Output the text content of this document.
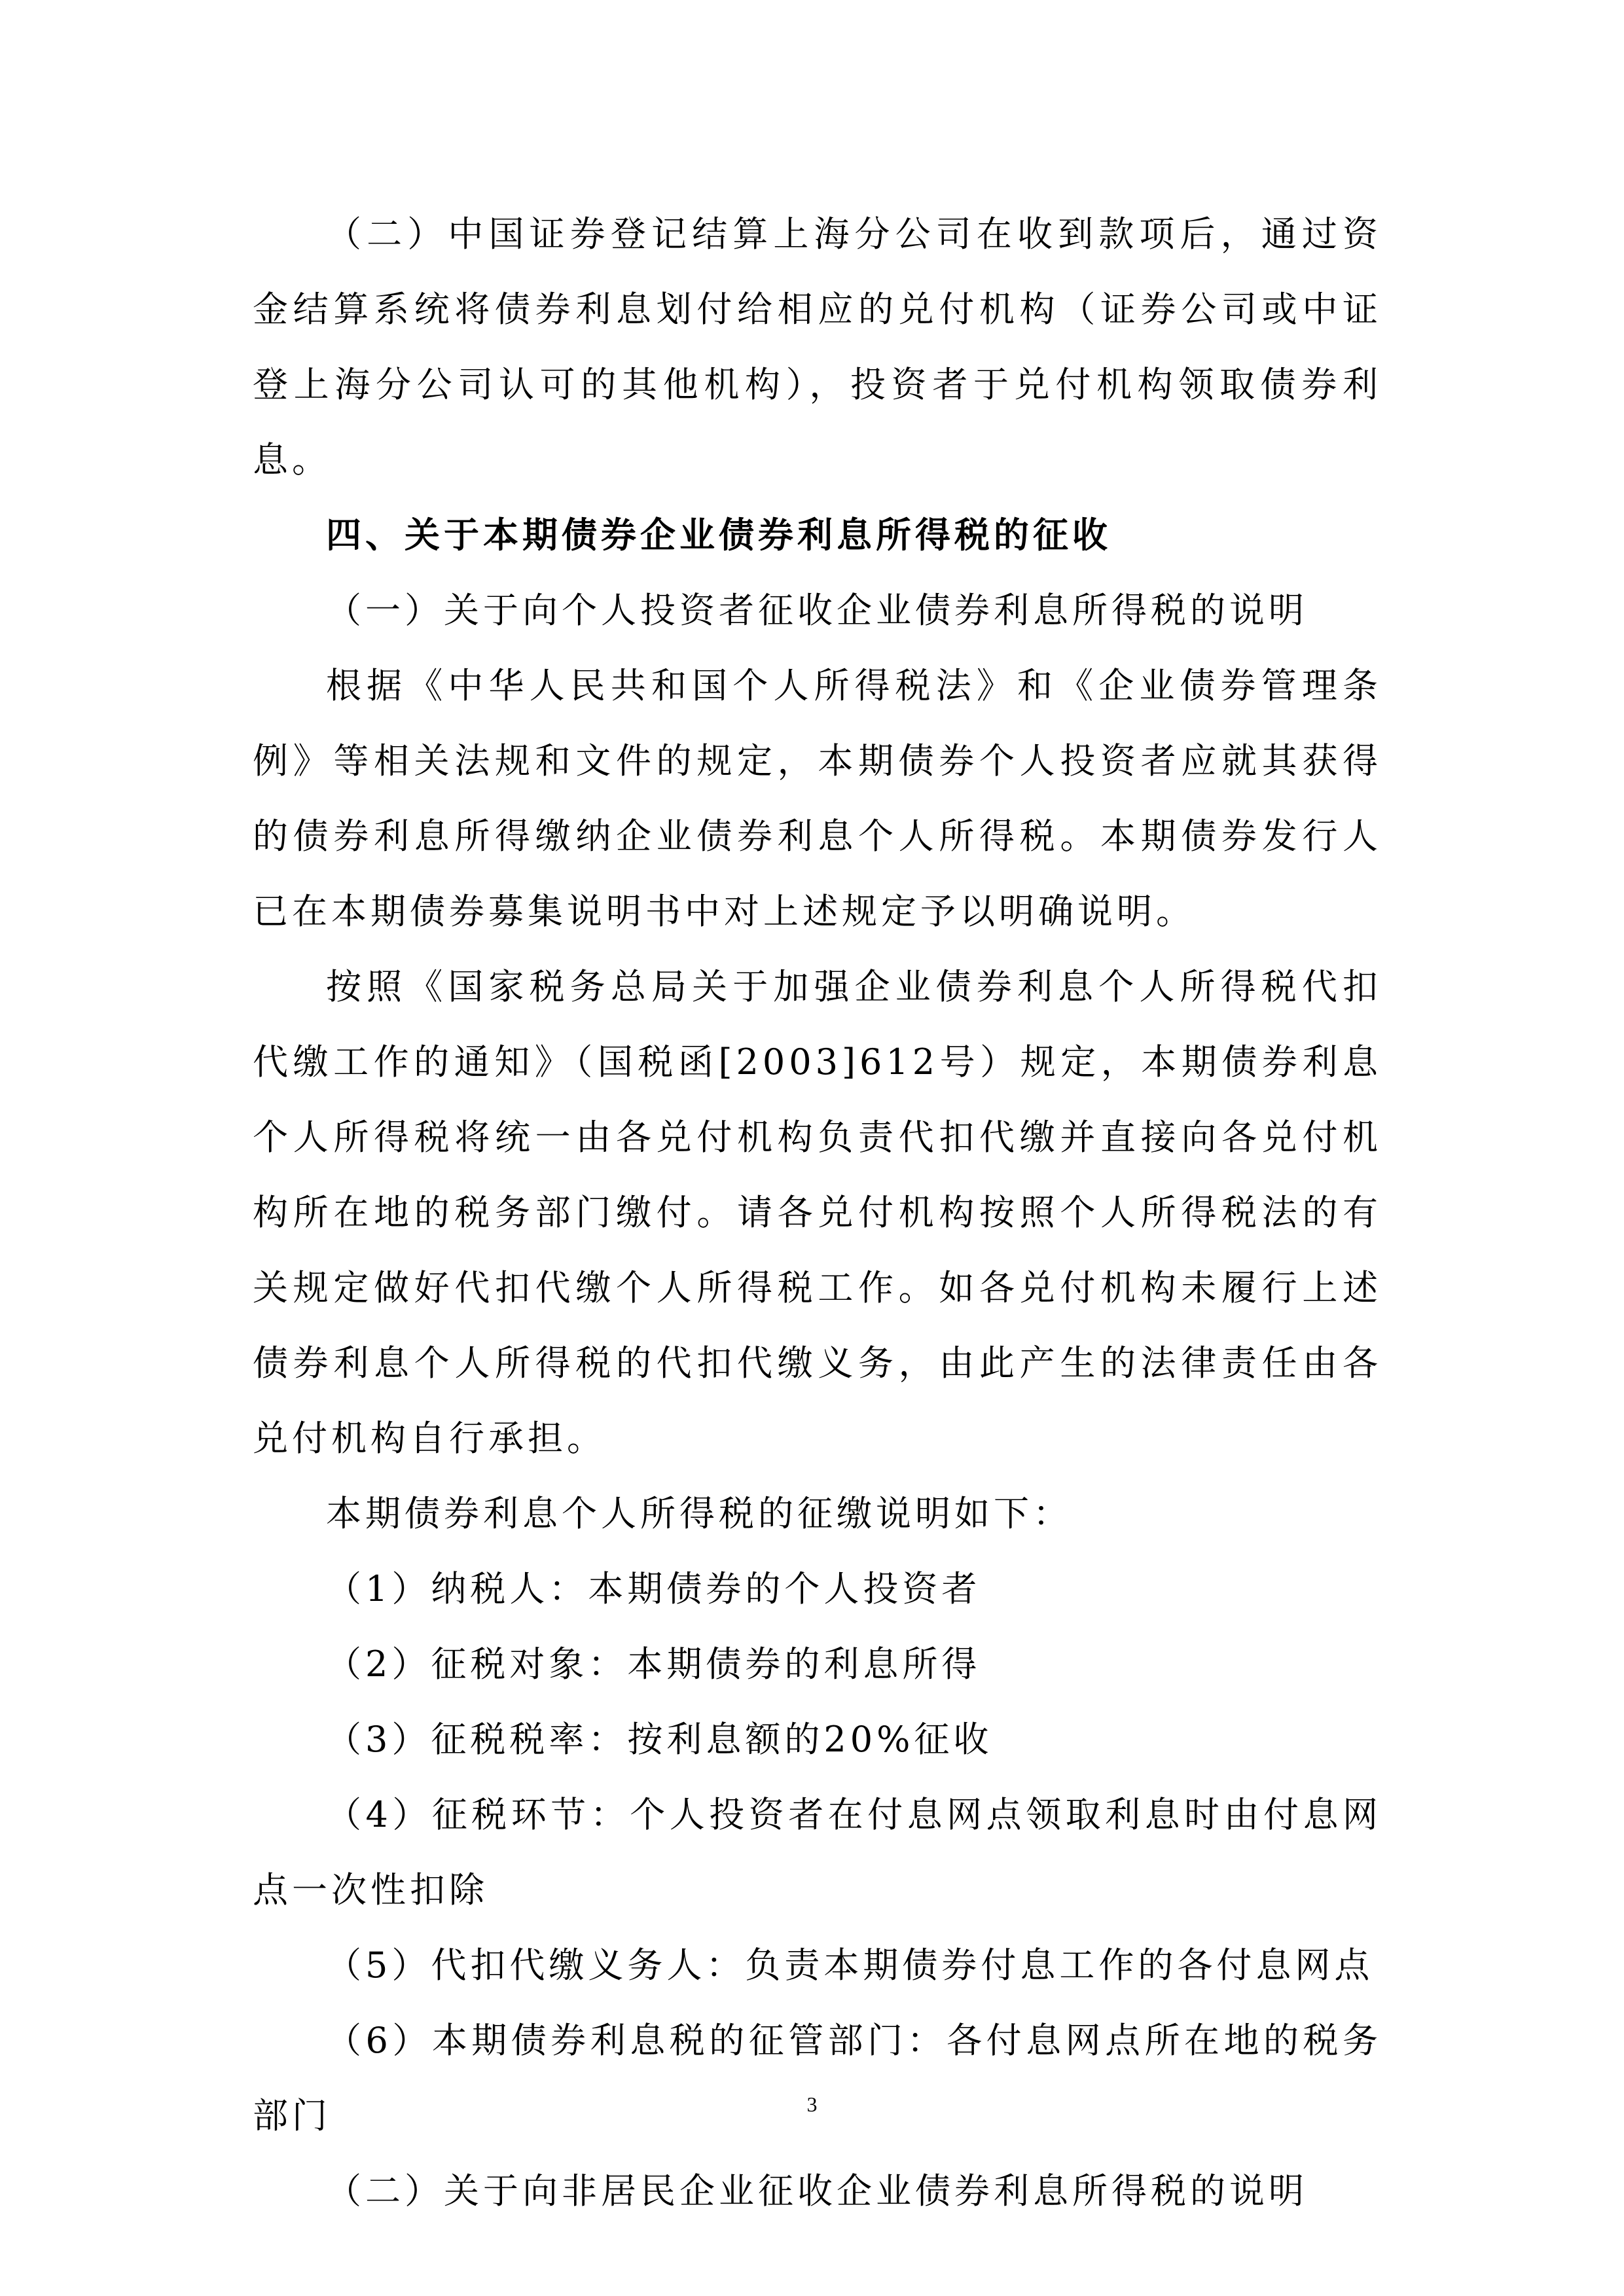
（二）中国证券登记结算上海分公司在收到款项后，通过资金结算系统将债券利息划付给相应的兑付机构（证券公司或中证登上海分公司认可的其他机构），投资者于兑付机构领取债券利息。

四、关于本期债券企业债券利息所得税的征收

（一）关于向个人投资者征收企业债券利息所得税的说明

根据《中华人民共和国个人所得税法》和《企业债券管理条例》等相关法规和文件的规定，本期债券个人投资者应就其获得的债券利息所得缴纳企业债券利息个人所得税。本期债券发行人已在本期债券募集说明书中对上述规定予以明确说明。

按照《国家税务总局关于加强企业债券利息个人所得税代扣代缴工作的通知》（国税函[2003]612号）规定，本期债券利息个人所得税将统一由各兑付机构负责代扣代缴并直接向各兑付机构所在地的税务部门缴付。请各兑付机构按照个人所得税法的有关规定做好代扣代缴个人所得税工作。如各兑付机构未履行上述债券利息个人所得税的代扣代缴义务，由此产生的法律责任由各兑付机构自行承担。

本期债券利息个人所得税的征缴说明如下：

（1）纳税人：本期债券的个人投资者

（2）征税对象：本期债券的利息所得

（3）征税税率：按利息额的20%征收

（4）征税环节：个人投资者在付息网点领取利息时由付息网点一次性扣除

（5）代扣代缴义务人：负责本期债券付息工作的各付息网点

（6）本期债券利息税的征管部门：各付息网点所在地的税务部门

（二）关于向非居民企业征收企业债券利息所得税的说明

3
